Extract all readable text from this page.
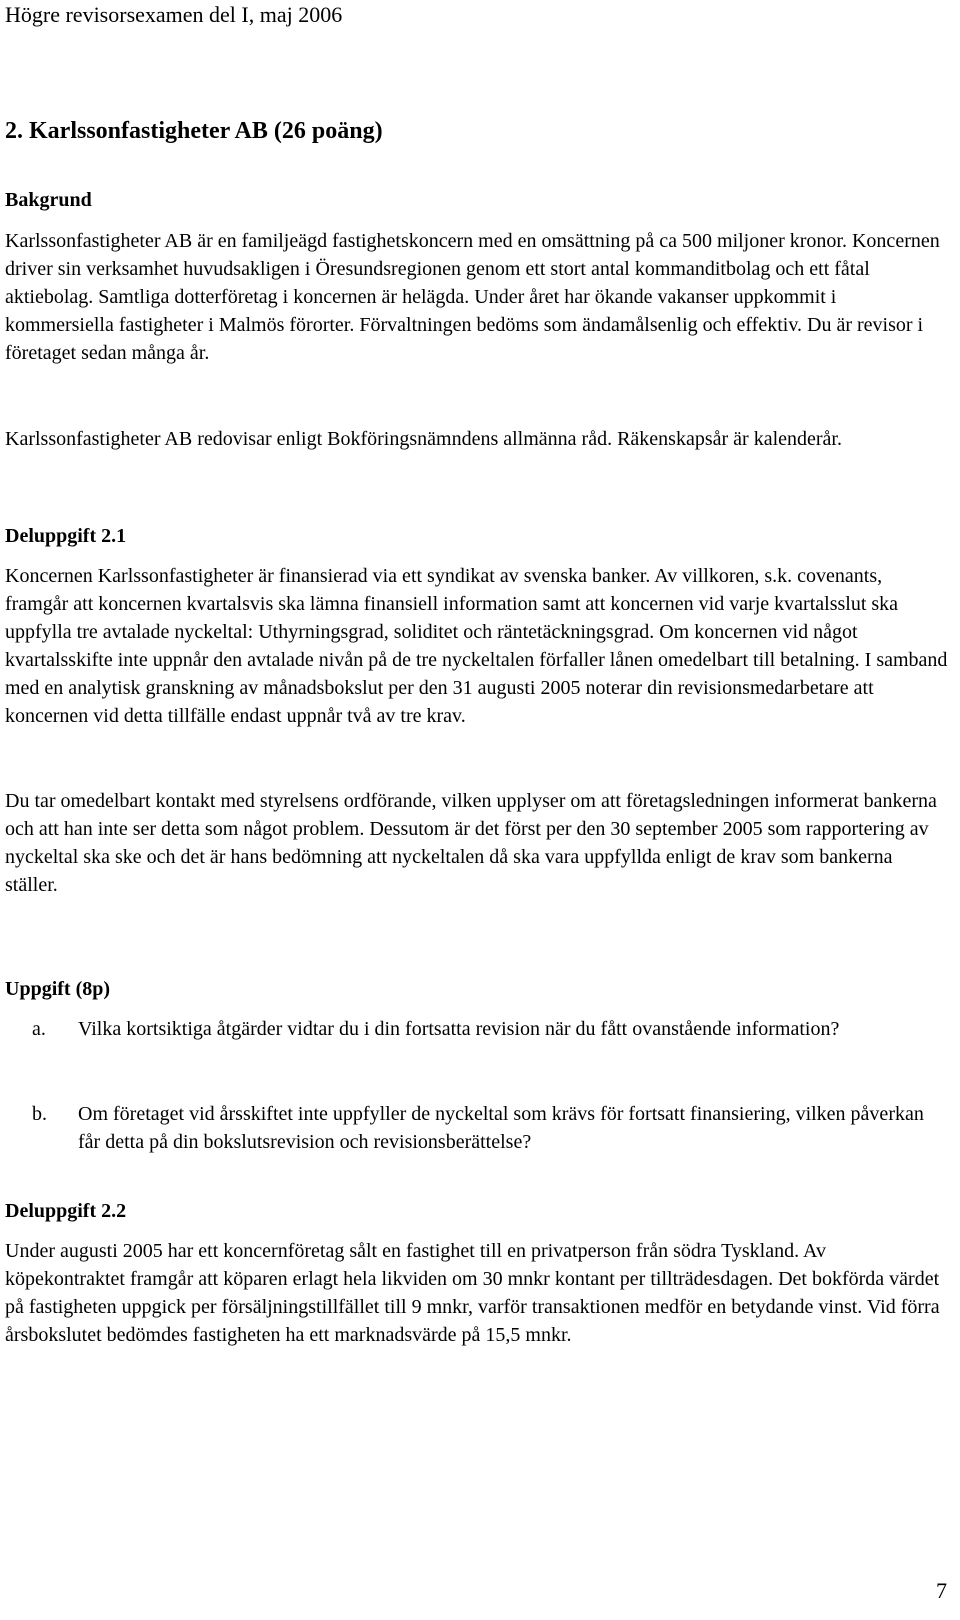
Högre revisorsexamen del I, maj 2006
2. Karlssonfastigheter AB (26 poäng)

Bakgrund

Karlssonfastigheter AB är en familjeägd fastighetskoncern med en omsättning på ca 500 miljoner kronor. Koncernen driver sin verksamhet huvudsakligen i Öresundsregionen genom ett stort antal kommanditbolag och ett fåtal aktiebolag. Samtliga dotterföretag i koncernen är helägda. Under året har ökande vakanser uppkommit i kommersiella fastigheter i Malmös förorter. Förvaltningen bedöms som ändamålsenlig och effektiv. Du är revisor i företaget sedan många år.

Karlssonfastigheter AB redovisar enligt Bokföringsnämndens allmänna råd. Räkenskapsår är kalenderår.

Deluppgift 2.1

Koncernen Karlssonfastigheter är finansierad via ett syndikat av svenska banker. Av villkoren, s.k. covenants, framgår att koncernen kvartalsvis ska lämna finansiell information samt att koncernen vid varje kvartalsslut ska uppfylla tre avtalade nyckeltal: Uthyrningsgrad, soliditet och räntetäckningsgrad. Om koncernen vid något kvartalsskifte inte uppnår den avtalade nivån på de tre nyckeltalen förfaller lånen omedelbart till betalning. I samband med en analytisk granskning av månadsbokslut per den 31 augusti 2005 noterar din revisionsmedarbetare att koncernen vid detta tillfälle endast uppnår två av tre krav.

Du tar omedelbart kontakt med styrelsens ordförande, vilken upplyser om att företagsledningen informerat bankerna och att han inte ser detta som något problem. Dessutom är det först per den 30 september 2005 som rapportering av nyckeltal ska ske och det är hans bedömning att nyckeltalen då ska vara uppfyllda enligt de krav som bankerna ställer.

Uppgift (8p)

a. Vilka kortsiktiga åtgärder vidtar du i din fortsatta revision när du fått ovanstående information?

b. Om företaget vid årsskiftet inte uppfyller de nyckeltal som krävs för fortsatt finansiering, vilken påverkan får detta på din bokslutsrevision och revisionsberättelse?

Deluppgift 2.2

Under augusti 2005 har ett koncernföretag sålt en fastighet till en privatperson från södra Tyskland. Av köpekontraktet framgår att köparen erlagt hela likviden om 30 mnkr kontant per tillträdesdagen. Det bokförda värdet på fastigheten uppgick per försäljningstillfället till 9 mnkr, varför transaktionen medför en betydande vinst. Vid förra årsbokslutet bedömdes fastigheten ha ett marknadsvärde på 15,5 mnkr.

7
